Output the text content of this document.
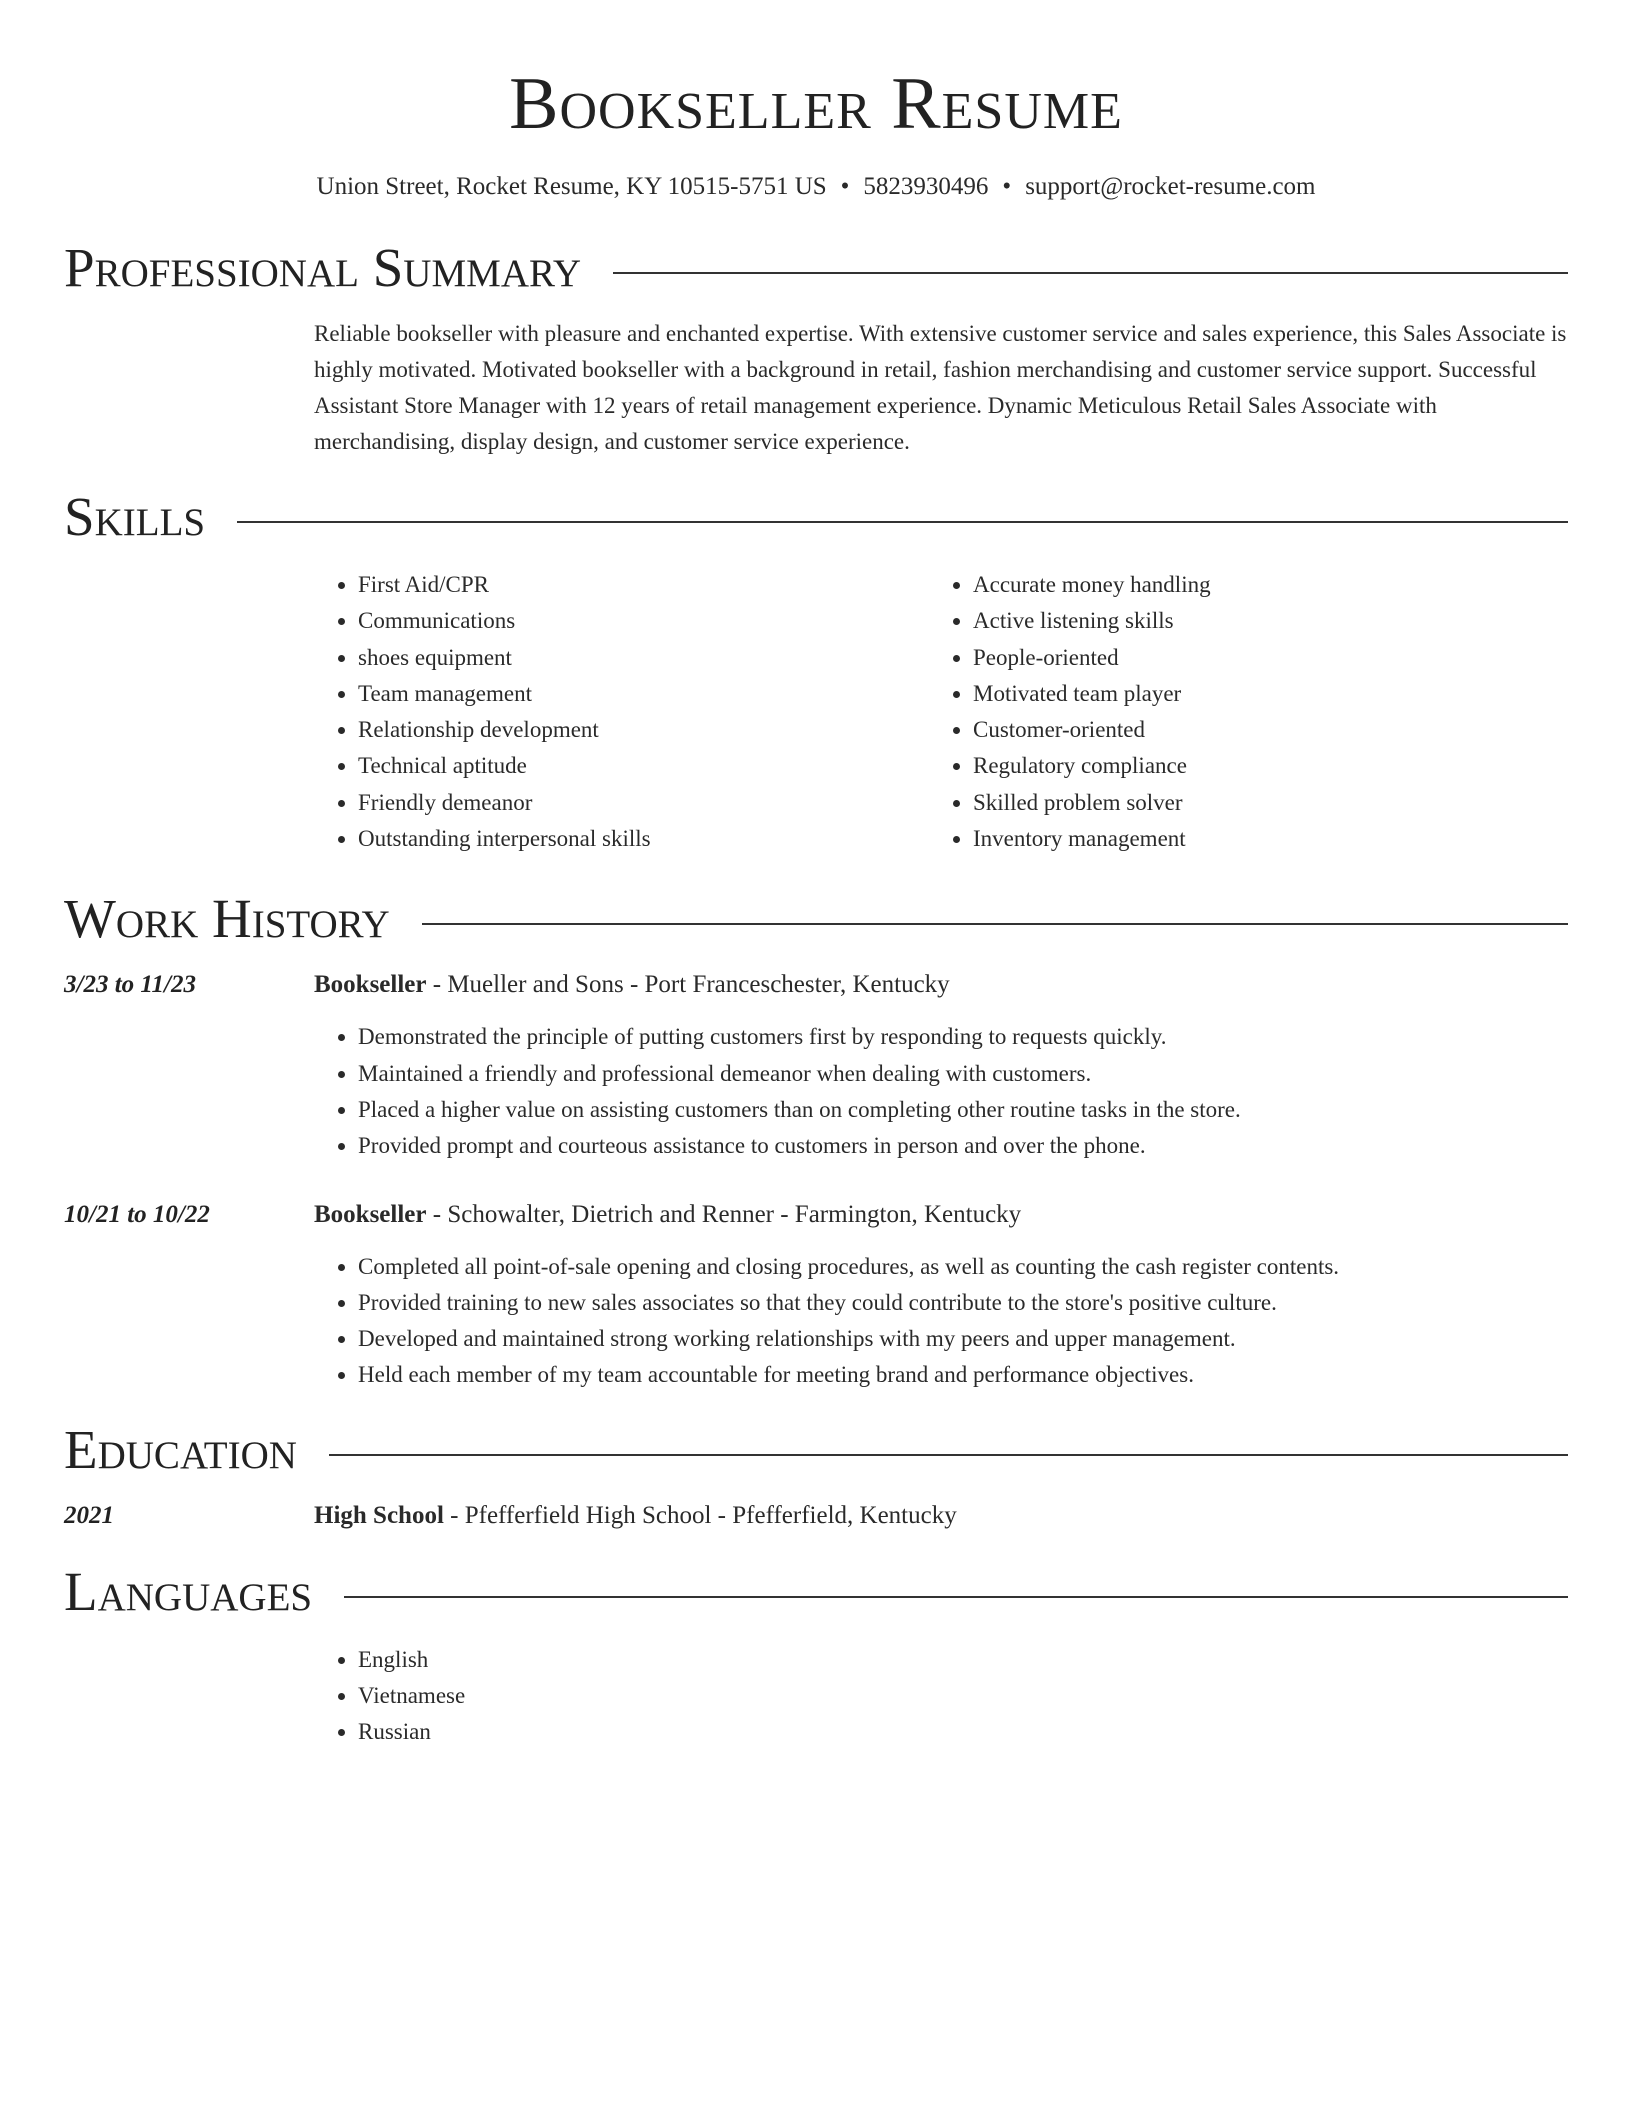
Bookseller Resume
Union Street, Rocket Resume, KY 10515-5751 US • 5823930496 • support@rocket-resume.com
Professional Summary
Reliable bookseller with pleasure and enchanted expertise. With extensive customer service and sales experience, this Sales Associate is highly motivated. Motivated bookseller with a background in retail, fashion merchandising and customer service support. Successful Assistant Store Manager with 12 years of retail management experience. Dynamic Meticulous Retail Sales Associate with merchandising, display design, and customer service experience.
Skills
• First Aid/CPR
• Communications
• shoes equipment
• Team management
• Relationship development
• Technical aptitude
• Friendly demeanor
• Outstanding interpersonal skills
• Accurate money handling
• Active listening skills
• People-oriented
• Motivated team player
• Customer-oriented
• Regulatory compliance
• Skilled problem solver
• Inventory management
Work History
3/23 to 11/23	Bookseller - Mueller and Sons - Port Franceschester, Kentucky
• Demonstrated the principle of putting customers first by responding to requests quickly.
• Maintained a friendly and professional demeanor when dealing with customers.
• Placed a higher value on assisting customers than on completing other routine tasks in the store.
• Provided prompt and courteous assistance to customers in person and over the phone.
10/21 to 10/22	Bookseller - Schowalter, Dietrich and Renner - Farmington, Kentucky
• Completed all point-of-sale opening and closing procedures, as well as counting the cash register contents.
• Provided training to new sales associates so that they could contribute to the store's positive culture.
• Developed and maintained strong working relationships with my peers and upper management.
• Held each member of my team accountable for meeting brand and performance objectives.
Education
2021	High School - Pfefferfield High School - Pfefferfield, Kentucky
Languages
• English
• Vietnamese
• Russian
